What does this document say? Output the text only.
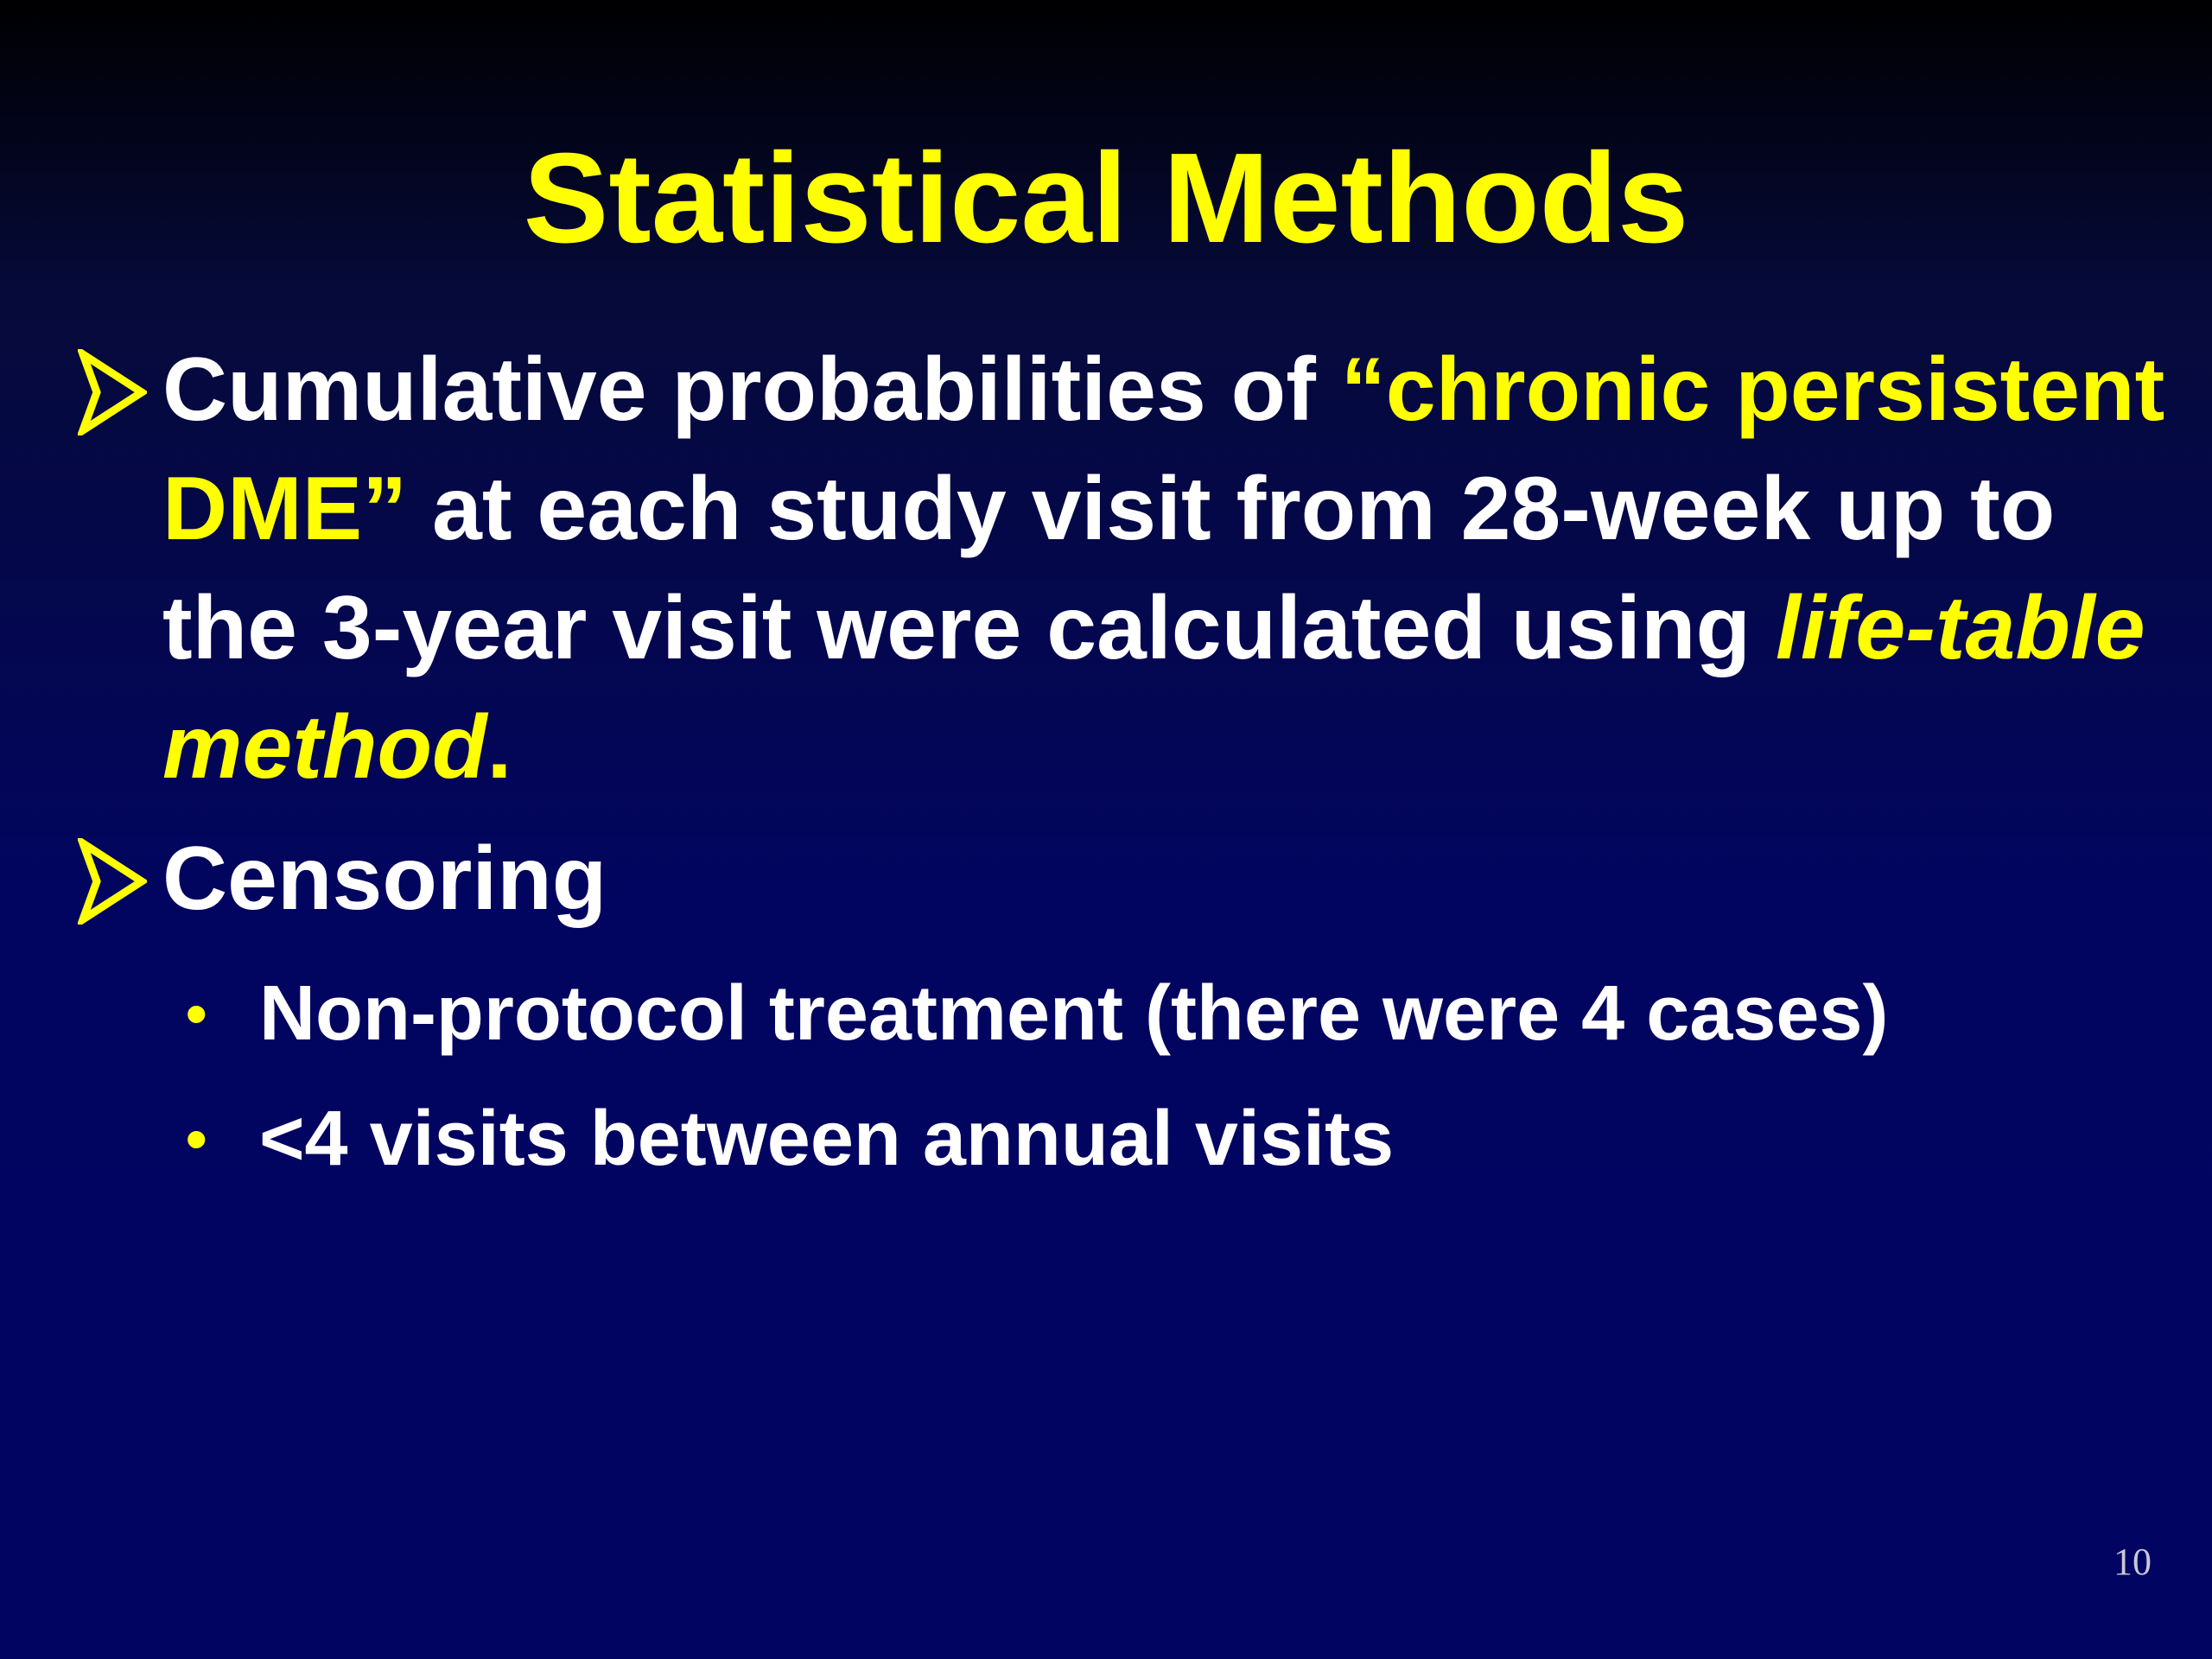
Statistical Methods
Cumulative probabilities of “chronic persistent DME” at each study visit from 28-week up to the 3-year visit were calculated using life-table method.
Censoring
• Non-protocol treatment (there were 4 cases)
• <4 visits between annual visits
10
